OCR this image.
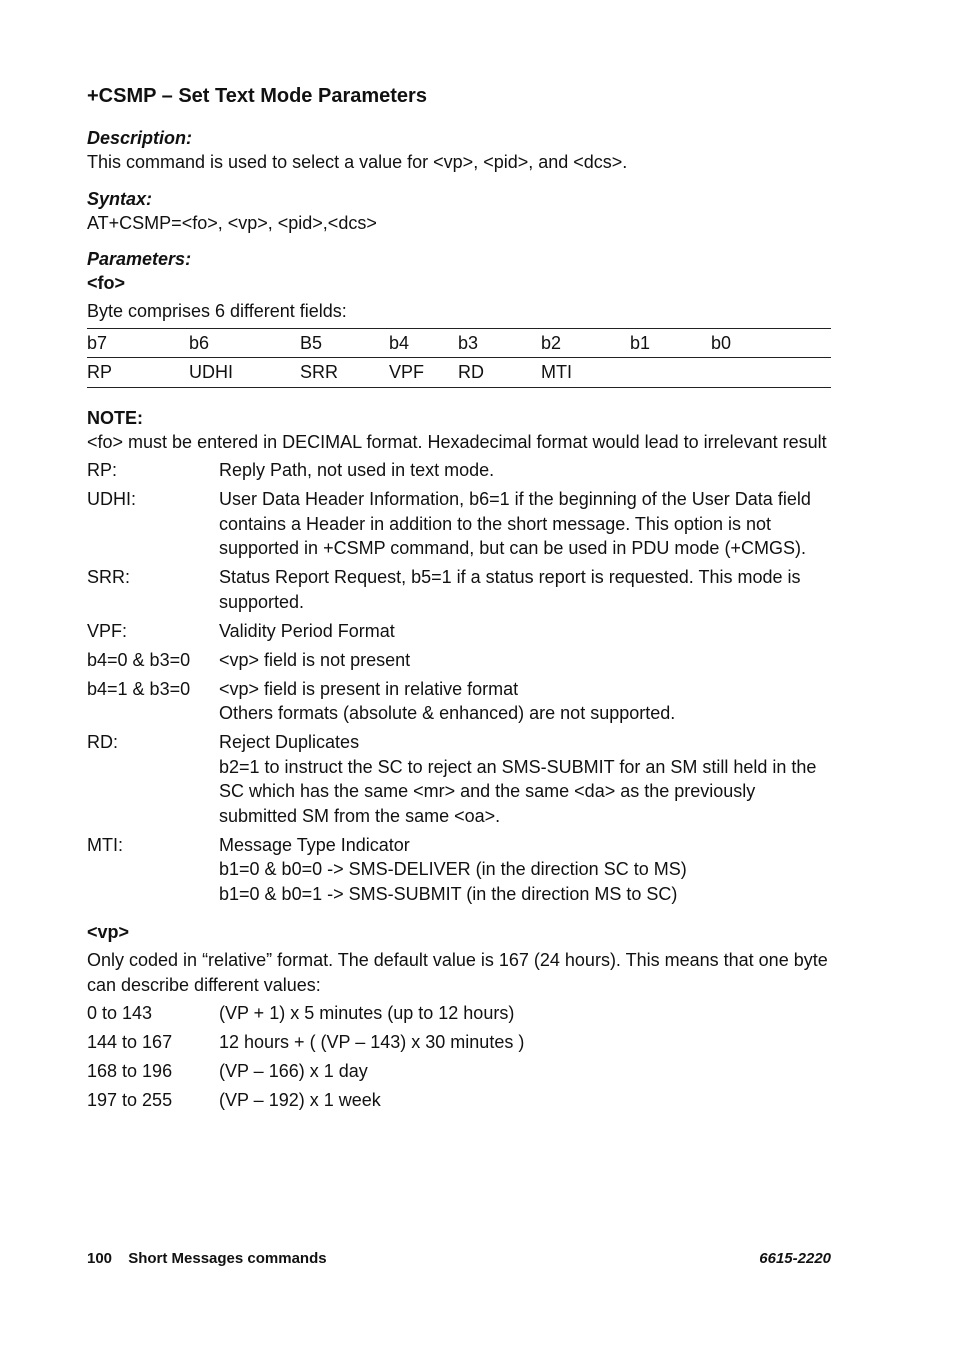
+CSMP – Set Text Mode Parameters

Description:

This command is used to select a value for <vp>, <pid>, and <dcs>.

Syntax:

AT+CSMP=<fo>, <vp>, <pid>,<dcs>

Parameters:

<fo>

Byte comprises 6 different fields:

b7	b6	B5	b4	b3	b2	b1	b0
RP	UDHI	SRR	VPF	RD	MTI		

NOTE:

<fo> must be entered in DECIMAL format. Hexadecimal format would lead to irrelevant result

RP:	Reply Path, not used in text mode.
UDHI:	User Data Header Information, b6=1 if the beginning of the User Data field contains a Header in addition to the short message. This option is not supported in +CSMP command, but can be used in PDU mode (+CMGS).
SRR:	Status Report Request, b5=1 if a status report is requested. This mode is supported.
VPF:	Validity Period Format
b4=0 & b3=0	<vp> field is not present
b4=1 & b3=0	<vp> field is present in relative format
Others formats (absolute & enhanced) are not supported.
RD:	Reject Duplicates
b2=1 to instruct the SC to reject an SMS-SUBMIT for an SM still held in the SC which has the same <mr> and the same <da> as the previously submitted SM from the same <oa>.
MTI:	Message Type Indicator
b1=0 & b0=0 -> SMS-DELIVER (in the direction SC to MS)
b1=0 & b0=1 -> SMS-SUBMIT (in the direction MS to SC)

<vp>

Only coded in “relative” format. The default value is 167 (24 hours). This means that one byte can describe different values:

0 to 143	(VP + 1) x 5 minutes (up to 12 hours)
144 to 167	12 hours + ( (VP – 143) x 30 minutes )
168 to 196	(VP – 166) x 1 day
197 to 255	(VP – 192) x 1 week
100 Short Messages commands	6615-2220
